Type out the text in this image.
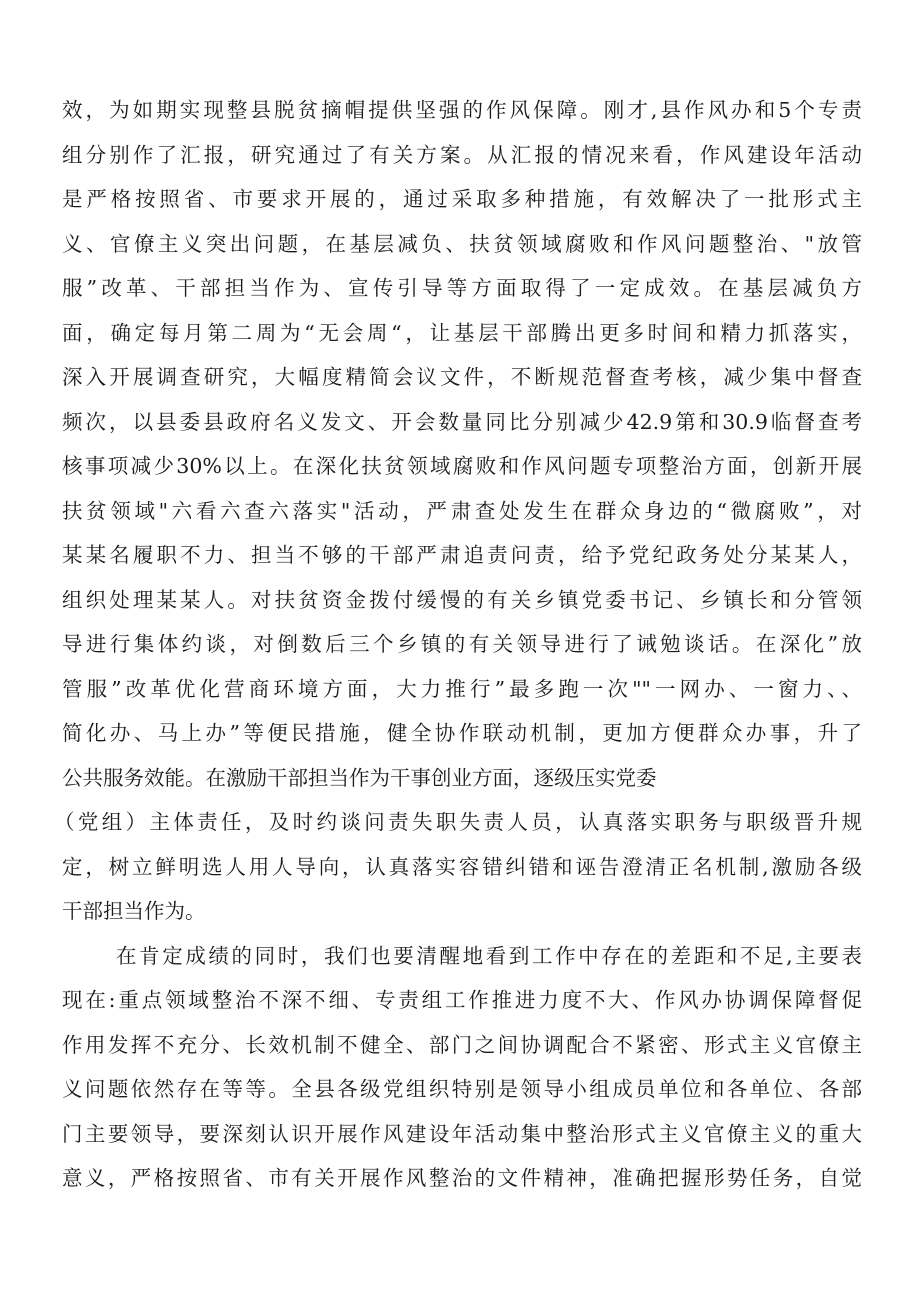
效，为如期实现整县脱贫摘帽提供坚强的作风保障。刚才,县作风办和5个专责
组分别作了汇报，研究通过了有关方案。从汇报的情况来看，作风建设年活动
是严格按照省、市要求开展的，通过采取多种措施，有效解决了一批形式主
义、官僚主义突出问题，在基层减负、扶贫领域腐败和作风问题整治、"放管
服”改革、干部担当作为、宣传引导等方面取得了一定成效。在基层减负方
面，确定每月第二周为“无会周“，让基层干部腾出更多时间和精力抓落实，
深入开展调查研究，大幅度精简会议文件，不断规范督查考核，减少集中督查
频次，以县委县政府名义发文、开会数量同比分别减少42.9第和30.9临督查考
核事项减少30%以上。在深化扶贫领域腐败和作风问题专项整治方面，创新开展
扶贫领域"六看六查六落实"活动，严肃查处发生在群众身边的“微腐败”，对
某某名履职不力、担当不够的干部严肃追责问责，给予党纪政务处分某某人，
组织处理某某人。对扶贫资金拨付缓慢的有关乡镇党委书记、乡镇长和分管领
导进行集体约谈，对倒数后三个乡镇的有关领导进行了诫勉谈话。在深化”放
管服”改革优化营商环境方面，大力推行”最多跑一次""一网办、一窗力、、
简化办、马上办”等便民措施，健全协作联动机制，更加方便群众办事，升了
公共服务效能。在激励干部担当作为干事创业方面，逐级压实党委
（党组）主体责任，及时约谈问责失职失责人员，认真落实职务与职级晋升规
定，树立鲜明选人用人导向，认真落实容错纠错和诬告澄清正名机制,激励各级
干部担当作为。
在肯定成绩的同时，我们也要清醒地看到工作中存在的差距和不足,主要表
现在:重点领域整治不深不细、专责组工作推进力度不大、作风办协调保障督促
作用发挥不充分、长效机制不健全、部门之间协调配合不紧密、形式主义官僚主
义问题依然存在等等。全县各级党组织特别是领导小组成员单位和各单位、各部
门主要领导，要深刻认识开展作风建设年活动集中整治形式主义官僚主义的重大
意义，严格按照省、市有关开展作风整治的文件精神，准确把握形势任务，自觉
